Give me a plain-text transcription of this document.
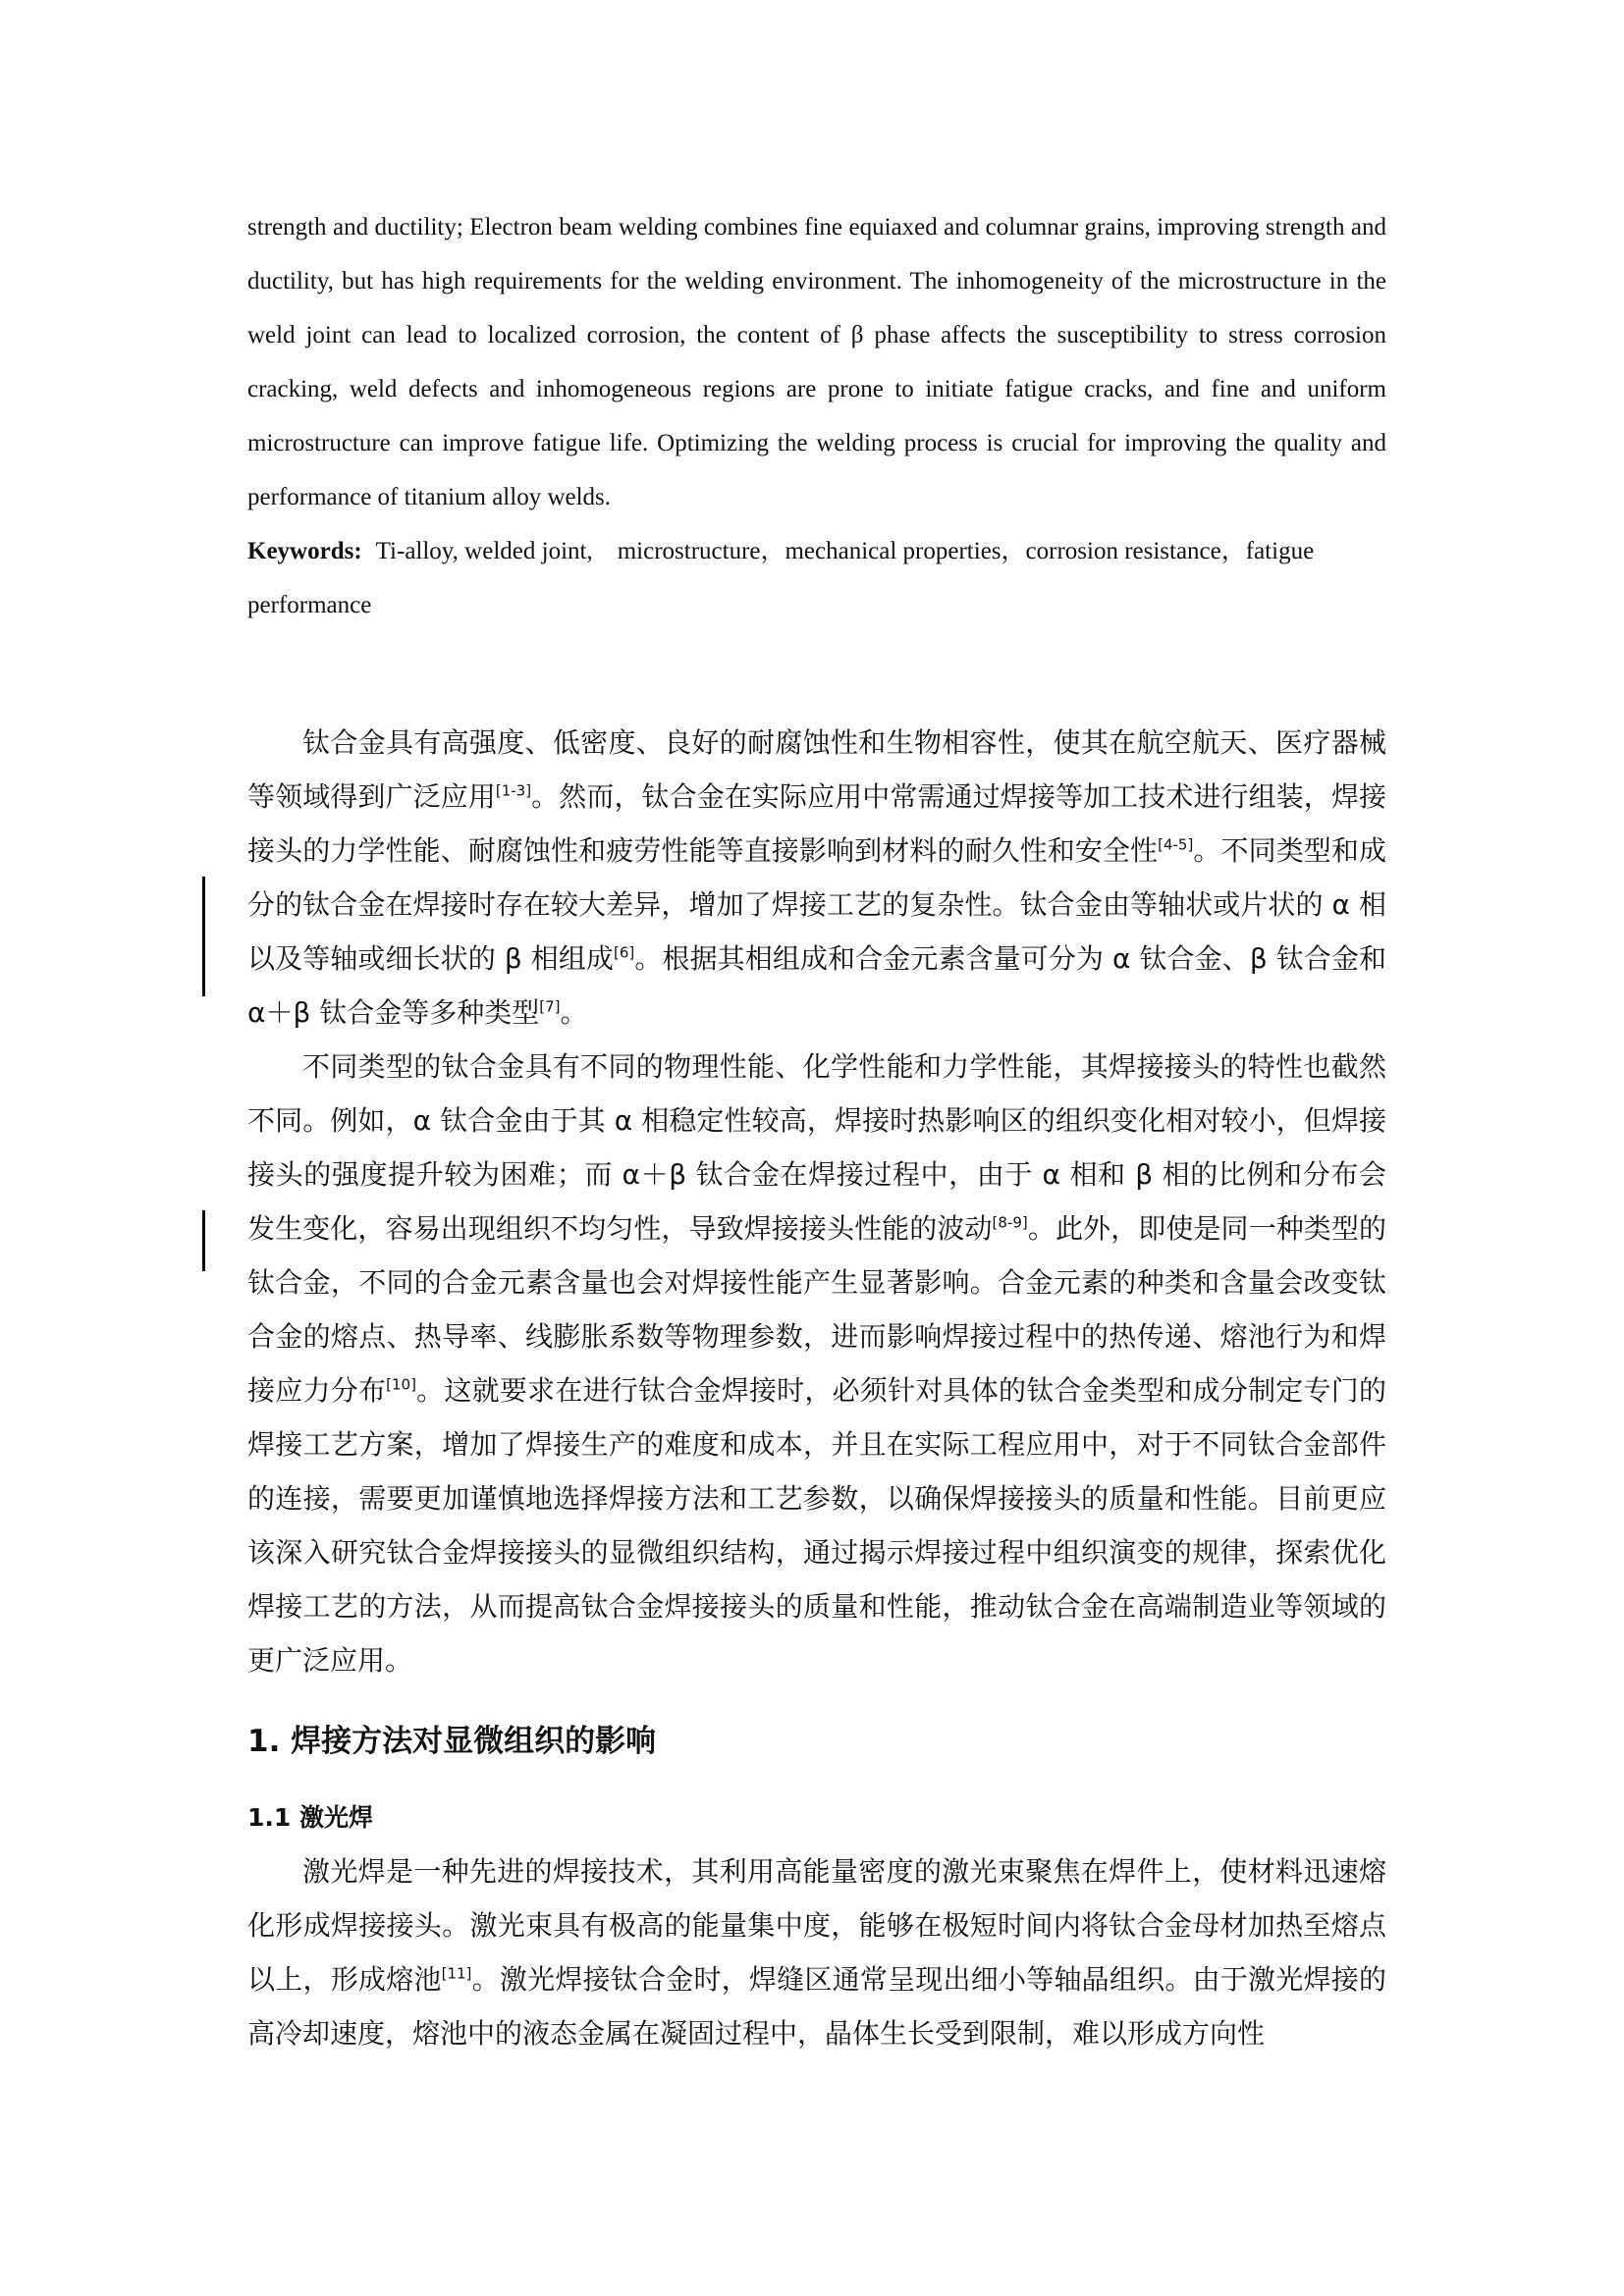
strength and ductility; Electron beam welding combines fine equiaxed and columnar grains, improving strength and ductility, but has high requirements for the welding environment. The inhomogeneity of the microstructure in the weld joint can lead to localized corrosion, the content of β phase affects the susceptibility to stress corrosion cracking, weld defects and inhomogeneous regions are prone to initiate fatigue cracks, and fine and uniform microstructure can improve fatigue life. Optimizing the welding process is crucial for improving the quality and performance of titanium alloy welds.

Keywords: Ti-alloy, welded joint,　microstructure，mechanical properties，corrosion resistance，fatigue performance

钛合金具有高强度、低密度、良好的耐腐蚀性和生物相容性，使其在航空航天、医疗器械等领域得到广泛应用[1-3]。然而，钛合金在实际应用中常需通过焊接等加工技术进行组装，焊接接头的力学性能、耐腐蚀性和疲劳性能等直接影响到材料的耐久性和安全性[4-5]。不同类型和成分的钛合金在焊接时存在较大差异，增加了焊接工艺的复杂性。钛合金由等轴状或片状的 α 相以及等轴或细长状的 β 相组成[6]。根据其相组成和合金元素含量可分为 α 钛合金、β 钛合金和 α＋β 钛合金等多种类型[7]。

不同类型的钛合金具有不同的物理性能、化学性能和力学性能，其焊接接头的特性也截然不同。例如，α 钛合金由于其 α 相稳定性较高，焊接时热影响区的组织变化相对较小，但焊接接头的强度提升较为困难；而 α＋β 钛合金在焊接过程中，由于 α 相和 β 相的比例和分布会发生变化，容易出现组织不均匀性，导致焊接接头性能的波动[8-9]。此外，即使是同一种类型的钛合金，不同的合金元素含量也会对焊接性能产生显著影响。合金元素的种类和含量会改变钛合金的熔点、热导率、线膨胀系数等物理参数，进而影响焊接过程中的热传递、熔池行为和焊接应力分布[10]。这就要求在进行钛合金焊接时，必须针对具体的钛合金类型和成分制定专门的焊接工艺方案，增加了焊接生产的难度和成本，并且在实际工程应用中，对于不同钛合金部件的连接，需要更加谨慎地选择焊接方法和工艺参数，以确保焊接接头的质量和性能。目前更应该深入研究钛合金焊接接头的显微组织结构，通过揭示焊接过程中组织演变的规律，探索优化焊接工艺的方法，从而提高钛合金焊接接头的质量和性能，推动钛合金在高端制造业等领域的更广泛应用。

1. 焊接方法对显微组织的影响
1.1 激光焊

激光焊是一种先进的焊接技术，其利用高能量密度的激光束聚焦在焊件上，使材料迅速熔化形成焊接接头。激光束具有极高的能量集中度，能够在极短时间内将钛合金母材加热至熔点以上，形成熔池[11]。激光焊接钛合金时，焊缝区通常呈现出细小等轴晶组织。由于激光焊接的高冷却速度，熔池中的液态金属在凝固过程中，晶体生长受到限制，难以形成方向性
